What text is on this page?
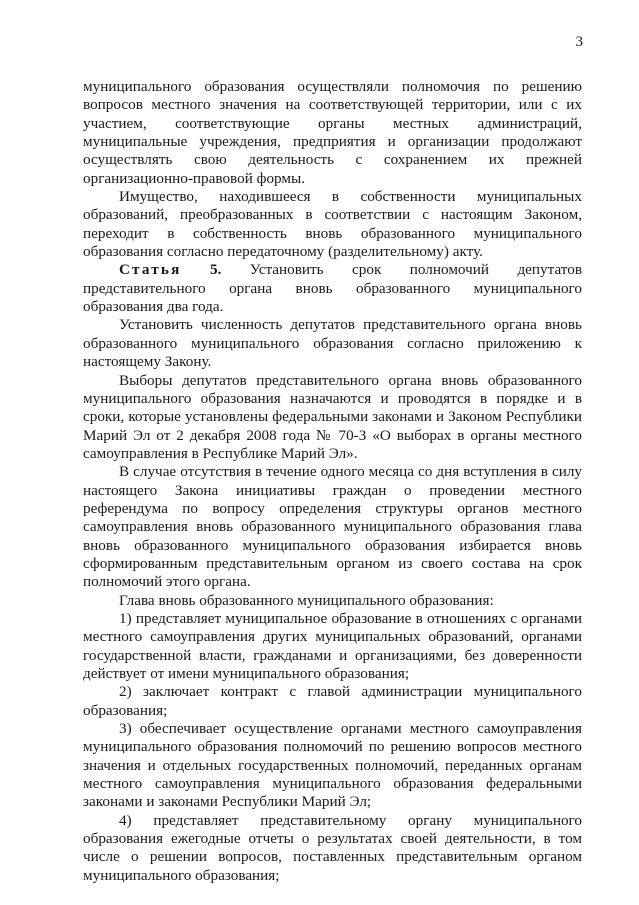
3

муниципального образования осуществляли полномочия по решению вопросов местного значения на соответствующей территории, или с их участием, соответствующие органы местных администраций, муниципальные учреждения, предприятия и организации продолжают осуществлять свою деятельность с сохранением их прежней организационно-правовой формы.

Имущество, находившееся в собственности муниципальных образований, преобразованных в соответствии с настоящим Законом, переходит в собственность вновь образованного муниципального образования согласно передаточному (разделительному) акту.

Статья 5. Установить срок полномочий депутатов представительного органа вновь образованного муниципального образования два года.

Установить численность депутатов представительного органа вновь образованного муниципального образования согласно приложению к настоящему Закону.

Выборы депутатов представительного органа вновь образованного муниципального образования назначаются и проводятся в порядке и в сроки, которые установлены федеральными законами и Законом Республики Марий Эл от 2 декабря 2008 года № 70-З «О выборах в органы местного самоуправления в Республике Марий Эл».

В случае отсутствия в течение одного месяца со дня вступления в силу настоящего Закона инициативы граждан о проведении местного референдума по вопросу определения структуры органов местного самоуправления вновь образованного муниципального образования глава вновь образованного муниципального образования избирается вновь сформированным представительным органом из своего состава на срок полномочий этого органа.

Глава вновь образованного муниципального образования:

1) представляет муниципальное образование в отношениях с органами местного самоуправления других муниципальных образований, органами государственной власти, гражданами и организациями, без доверенности действует от имени муниципального образования;

2) заключает контракт с главой администрации муниципального образования;

3) обеспечивает осуществление органами местного самоуправления муниципального образования полномочий по решению вопросов местного значения и отдельных государственных полномочий, переданных органам местного самоуправления муниципального образования федеральными законами и законами Республики Марий Эл;

4) представляет представительному органу муниципального образования ежегодные отчеты о результатах своей деятельности, в том числе о решении вопросов, поставленных представительным органом муниципального образования;
